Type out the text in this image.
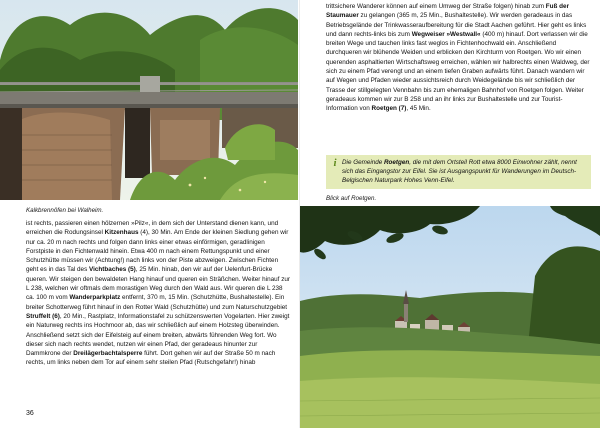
Kalkbrennöfen bei Walheim.

ist rechts, passieren einen hölzernen »Pilz«, in dem sich der Unterstand dienen kann, und erreichen die Rodungsinsel Kitzenhaus (4), 30 Min. Am Ende der kleinen Siedlung gehen wir nur ca. 20 m nach rechts und folgen dann links einer etwas einförmigen, geradlinigen Forstpiste in den Fichtenwald hinein. Etwa 400 m nach einem Rettungspunkt und einer Schutzhütte müssen wir (Achtung!) nach links von der Piste abzweigen. Zwischen Fichten geht es in das Tal des Vichtbaches (5), 25 Min. hinab, den wir auf der Uelenfurt-Brücke queren. Wir steigen den bewaldeten Hang hinauf und queren ein Sträßchen. Weiter hinauf zur L 238, welchen wir oftmals dem morastigen Weg durch den Wald aus. Wir queren die L 238 ca. 100 m vom Wanderparkplatz entfernt, 370 m, 15 Min. (Schutzhütte, Bushaltestelle). Ein breiter Schotterweg führt hinauf in den Rotter Wald (Schutzhütte) und zum Naturschutzgebiet Struffelt (6), 20 Min., Rastplatz, Informationstafel zu schützenswerten Vogelarten. Hier zweigt ein Naturweg rechts ins Hochmoor ab, das wir schließlich auf einem Holzsteg überwinden. Anschließend setzt sich der Eifelsteig auf einem breiten, abwärts führenden Weg fort. Wo dieser sich nach rechts wendet, nutzen wir einen Pfad, der geradeaus hinunter zur Dammkrone der Dreilägerbachtalsperre führt. Dort gehen wir auf der Straße 50 m nach rechts, um links neben dem Tor auf einem sehr steilen Pfad (Rutschgefahr!) hinab

36

trittsichere Wanderer können auf einem Umweg der Straße folgen) hinab zum Fuß der Staumauer zu gelangen (365 m, 25 Min., Bushaltestelle). Wir werden geradeaus in das Betriebsgelände der Trinkwasseraufbereitung für die Stadt Aachen geführt. Hier geht es links und dann rechts-links bis zum Wegweiser »Westwall« (400 m) hinauf. Dort verlassen wir die breiten Wege und tauchen links fast weglos in Fichtenhochwald ein. Anschließend durchqueren wir blühende Weiden und erblicken den Kirchturm von Roetgen. Wo wir einen querenden asphaltierten Wirtschaftsweg erreichen, wählen wir halbrechts einen Waldweg, der sich zu einem Pfad verengt und an einem tiefen Graben aufwärts führt. Danach wandern wir auf Wegen und Pfaden wieder aussichtsreich durch Weidegelände bis wir schließlich der Trasse der stillgelegten Vennbahn bis zum ehemaligen Bahnhof von Roetgen folgen. Weiter geradeaus kommen wir zur B 258 und an ihr links zur Bushaltestelle und zur Tourist-Information von Roetgen (7), 45 Min.

i Die Gemeinde Roetgen, die mit dem Ortsteil Rott etwa 8000 Einwohner zählt, nennt sich das Eingangstor zur Eifel. Sie ist Ausgangspunkt für Wanderungen im Deutsch-Belgischen Naturpark Hohes Venn-Eifel.

Blick auf Roetgen.
